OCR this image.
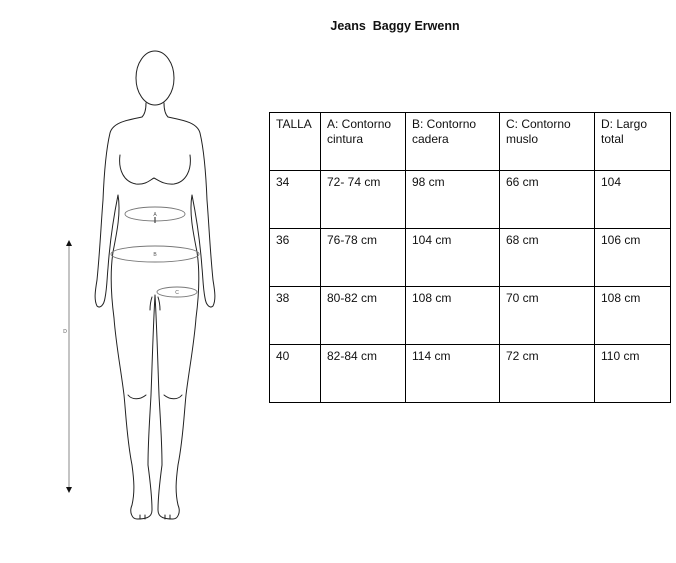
Jeans  Baggy Erwenn
A
B
C
D
TALLA	A: Contorno cintura	B: Contorno cadera	C: Contorno muslo	D: Largo total
34	72- 74 cm	98 cm	66 cm	104
36	76-78 cm	104 cm	68 cm	106 cm
38	80-82 cm	108 cm	70 cm	108 cm
40	82-84 cm	114 cm	72 cm	110 cm
